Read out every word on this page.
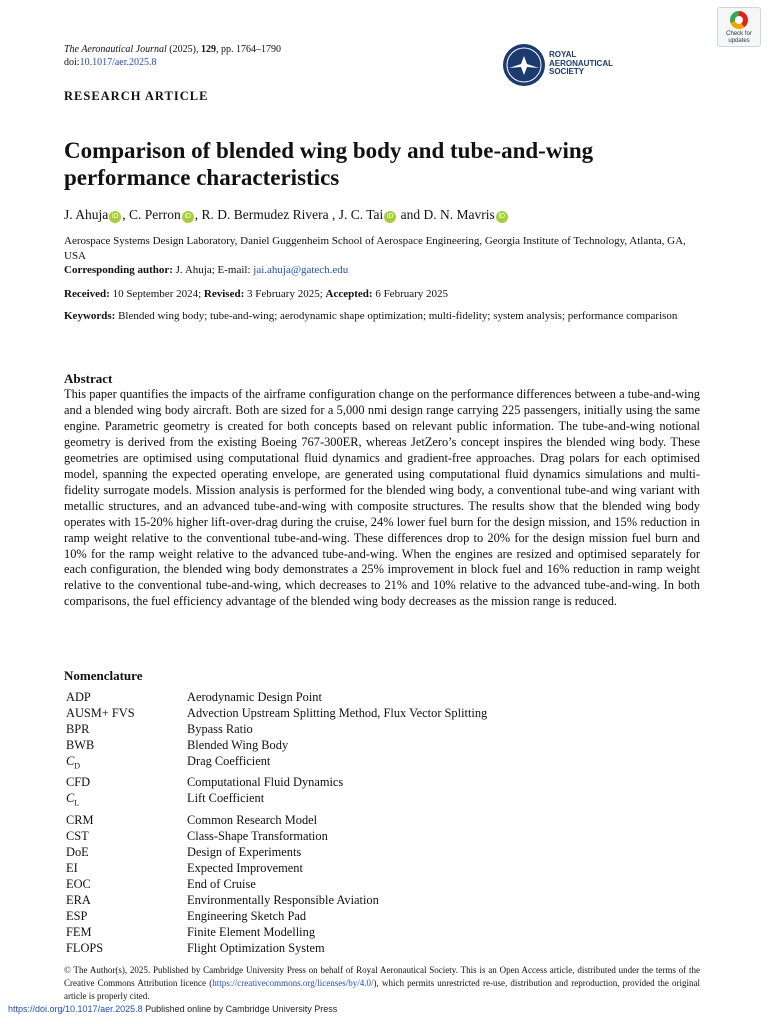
The Aeronautical Journal (2025), 129, pp. 1764–1790
doi:10.1017/aer.2025.8
ROYAL
AERONAUTICAL
SOCIETY
Check for
updates
RESEARCH ARTICLE
Comparison of blended wing body and tube-and-wing performance characteristics
J. Ahuja iD , C. Perron iD , R. D. Bermudez Rivera , J. C. Tai iD and D. N. Mavris iD
Aerospace Systems Design Laboratory, Daniel Guggenheim School of Aerospace Engineering, Georgia Institute of Technology, Atlanta, GA, USA
Corresponding author: J. Ahuja; E-mail: jai.ahuja@gatech.edu
Received: 10 September 2024; Revised: 3 February 2025; Accepted: 6 February 2025
Keywords: Blended wing body; tube-and-wing; aerodynamic shape optimization; multi-fidelity; system analysis; performance comparison
Abstract
This paper quantifies the impacts of the airframe configuration change on the performance differences between a tube-and-wing and a blended wing body aircraft. Both are sized for a 5,000 nmi design range carrying 225 passengers, initially using the same engine. Parametric geometry is created for both concepts based on relevant public information. The tube-and-wing notional geometry is derived from the existing Boeing 767-300ER, whereas JetZero’s concept inspires the blended wing body. These geometries are optimised using computational fluid dynamics and gradient-free approaches. Drag polars for each optimised model, spanning the expected operating envelope, are generated using computational fluid dynamics simulations and multi-fidelity surrogate models. Mission analysis is performed for the blended wing body, a conventional tube-and wing variant with metallic structures, and an advanced tube-and-wing with composite structures. The results show that the blended wing body operates with 15-20% higher lift-over-drag during the cruise, 24% lower fuel burn for the design mission, and 15% reduction in ramp weight relative to the conventional tube-and-wing. These differences drop to 20% for the design mission fuel burn and 10% for the ramp weight relative to the advanced tube-and-wing. When the engines are resized and optimised separately for each configuration, the blended wing body demonstrates a 25% improvement in block fuel and 16% reduction in ramp weight relative to the conventional tube-and-wing, which decreases to 21% and 10% relative to the advanced tube-and-wing. In both comparisons, the fuel efficiency advantage of the blended wing body decreases as the mission range is reduced.
Nomenclature
ADP	Aerodynamic Design Point
AUSM+ FVS	Advection Upstream Splitting Method, Flux Vector Splitting
BPR	Bypass Ratio
BWB	Blended Wing Body
$C_D$	Drag Coefficient
CFD	Computational Fluid Dynamics
$C_L$	Lift Coefficient
CRM	Common Research Model
CST	Class-Shape Transformation
DoE	Design of Experiments
EI	Expected Improvement
EOC	End of Cruise
ERA	Environmentally Responsible Aviation
ESP	Engineering Sketch Pad
FEM	Finite Element Modelling
FLOPS	Flight Optimization System
© The Author(s), 2025. Published by Cambridge University Press on behalf of Royal Aeronautical Society. This is an Open Access article, distributed under the terms of the Creative Commons Attribution licence (https://creativecommons.org/licenses/by/4.0/), which permits unrestricted re-use, distribution and reproduction, provided the original article is properly cited.
https://doi.org/10.1017/aer.2025.8 Published online by Cambridge University Press
